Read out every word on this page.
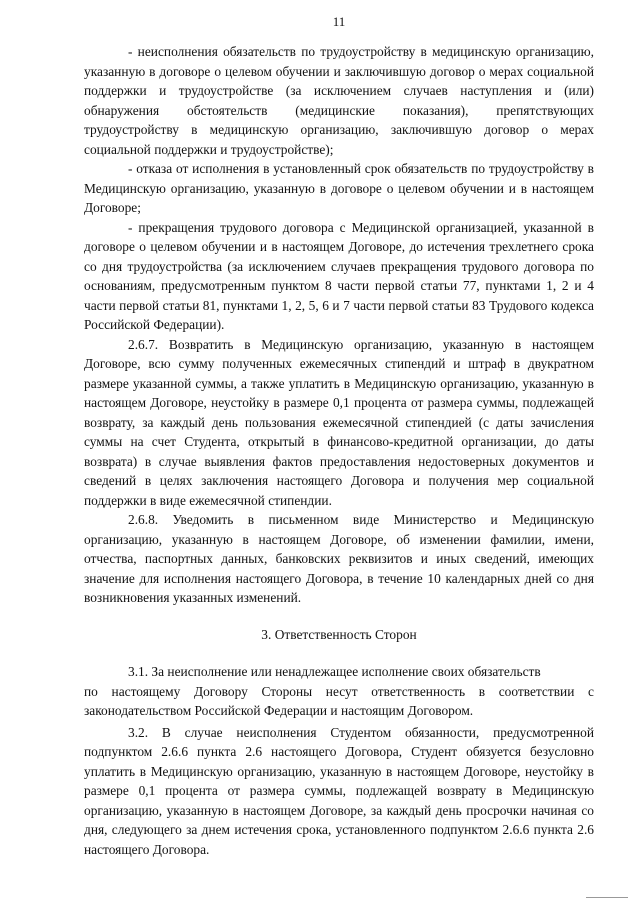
11

- неисполнения обязательств по трудоустройству в медицинскую организацию, указанную в договоре о целевом обучении и заключившую договор о мерах социальной поддержки и трудоустройстве (за исключением случаев наступления и (или) обнаружения обстоятельств (медицинские показания), препятствующих трудоустройству в медицинскую организацию, заключившую договор о мерах социальной поддержки и трудоустройстве);

- отказа от исполнения в установленный срок обязательств по трудоустройству в Медицинскую организацию, указанную в договоре о целевом обучении и в настоящем Договоре;

- прекращения трудового договора с Медицинской организацией, указанной в договоре о целевом обучении и в настоящем Договоре, до истечения трехлетнего срока со дня трудоустройства (за исключением случаев прекращения трудового договора по основаниям, предусмотренным пунктом 8 части первой статьи 77, пунктами 1, 2 и 4 части первой статьи 81, пунктами 1, 2, 5, 6 и 7 части первой статьи 83 Трудового кодекса Российской Федерации).

2.6.7. Возвратить в Медицинскую организацию, указанную в настоящем Договоре, всю сумму полученных ежемесячных стипендий и штраф в двукратном размере указанной суммы, а также уплатить в Медицинскую организацию, указанную в настоящем Договоре, неустойку в размере 0,1 процента от размера суммы, подлежащей возврату, за каждый день пользования ежемесячной стипендией (с даты зачисления суммы на счет Студента, открытый в финансово-кредитной организации, до даты возврата) в случае выявления фактов предоставления недостоверных документов и сведений в целях заключения настоящего Договора и получения мер социальной поддержки в виде ежемесячной стипендии.

2.6.8. Уведомить в письменном виде Министерство и Медицинскую организацию, указанную в настоящем Договоре, об изменении фамилии, имени, отчества, паспортных данных, банковских реквизитов и иных сведений, имеющих значение для исполнения настоящего Договора, в течение 10 календарных дней со дня возникновения указанных изменений.

3. Ответственность Сторон

3.1. За неисполнение или ненадлежащее исполнение своих обязательств

по настоящему Договору Стороны несут ответственность в соответствии с законодательством Российской Федерации и настоящим Договором.

3.2. В случае неисполнения Студентом обязанности, предусмотренной подпунктом 2.6.6 пункта 2.6 настоящего Договора, Студент обязуется безусловно уплатить в Медицинскую организацию, указанную в настоящем Договоре, неустойку в размере 0,1 процента от размера суммы, подлежащей возврату в Медицинскую организацию, указанную в настоящем Договоре, за каждый день просрочки начиная со дня, следующего за днем истечения срока, установленного подпунктом 2.6.6 пункта 2.6 настоящего Договора.
